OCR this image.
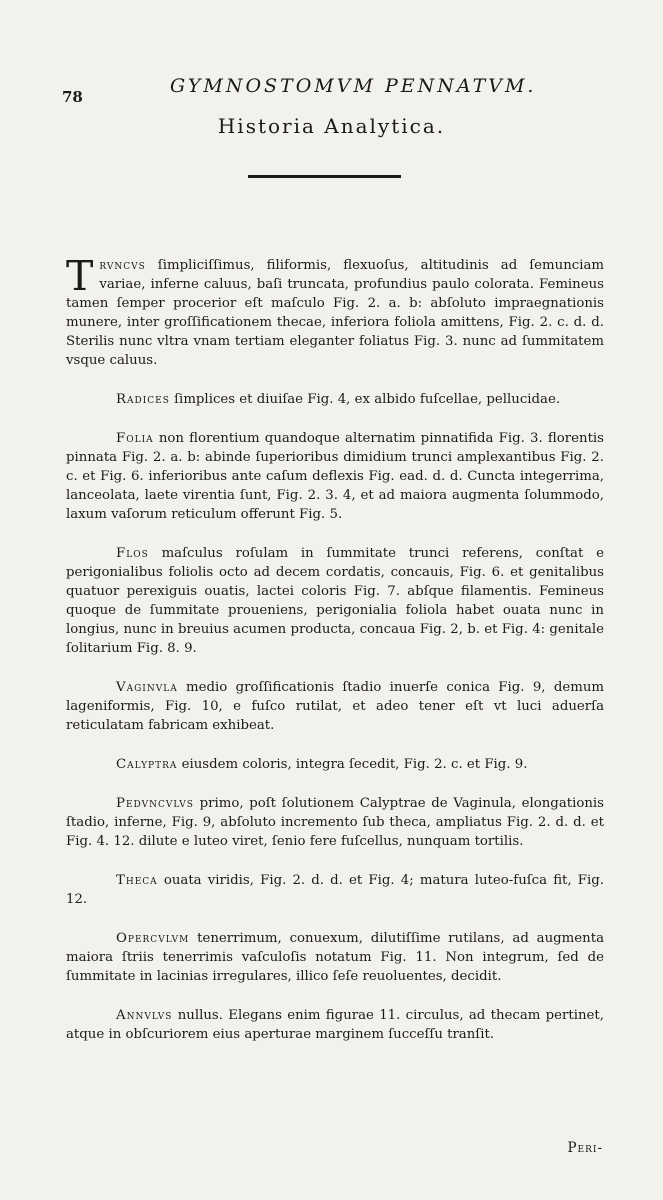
78	GYMNOSTOMVM PENNATVM.
Historia Analytica.

Trvncvs ſimpliciſſimus, filiformis, flexuoſus, altitudinis ad ſemunciam variae, inferne caluus, baſi truncata, profundius paulo colorata. Femineus tamen ſemper procerior eſt maſculo Fig. 2. a. b: abſoluto impraegnationis munere, inter groſſificationem thecae, inferiora foliola amittens, Fig. 2. c. d. d. Sterilis nunc vltra vnam tertiam eleganter foliatus Fig. 3. nunc ad ſummitatem vsque caluus.

Radices ſimplices et diuiſae Fig. 4, ex albido fuſcellae, pellucidae.

Folia non florentium quandoque alternatim pinnatifida Fig. 3. florentis pinnata Fig. 2. a. b: abinde ſuperioribus dimidium trunci amplexantibus Fig. 2. c. et Fig. 6. inferioribus ante caſum deflexis Fig. ead. d. d. Cuncta integerrima, lanceolata, laete virentia ſunt, Fig. 2. 3. 4, et ad maiora augmenta ſolummodo, laxum vaſorum reticulum offerunt Fig. 5.

Flos maſculus roſulam in ſummitate trunci referens, conſtat e perigonialibus foliolis octo ad decem cordatis, concauis, Fig. 6. et genitalibus quatuor perexiguis ouatis, lactei coloris Fig. 7. abſque filamentis. Femineus quoque de ſummitate proueniens, perigonialia foliola habet ouata nunc in longius, nunc in breuius acumen producta, concaua Fig. 2, b. et Fig. 4: genitale ſolitarium Fig. 8. 9.

Vaginvla medio groſſificationis ſtadio inuerſe conica Fig. 9, demum lageniformis, Fig. 10, e fuſco rutilat, et adeo tener eſt vt luci aduerſa reticulatam fabricam exhibeat.

Calyptra eiusdem coloris, integra ſecedit, Fig. 2. c. et Fig. 9.

Pedvncvlvs primo, poſt ſolutionem Calyptrae de Vaginula, elongationis ſtadio, inferne, Fig. 9, abſoluto incremento ſub theca, ampliatus Fig. 2. d. d. et Fig. 4. 12. dilute e luteo viret, ſenio fere fuſcellus, nunquam tortilis.

Theca ouata viridis, Fig. 2. d. d. et Fig. 4; matura luteo-fuſca fit, Fig. 12.

Opercvlvm tenerrimum, conuexum, dilutiſſime rutilans, ad augmenta maiora ſtriis tenerrimis vaſculoſis notatum Fig. 11. Non integrum, ſed de ſummitate in lacinias irregulares, illico ſeſe reuoluentes, decidit.

Annvlvs nullus. Elegans enim figurae 11. circulus, ad thecam pertinet, atque in obſcuriorem eius aperturae marginem ſucceſſu tranſit.

Peri-
